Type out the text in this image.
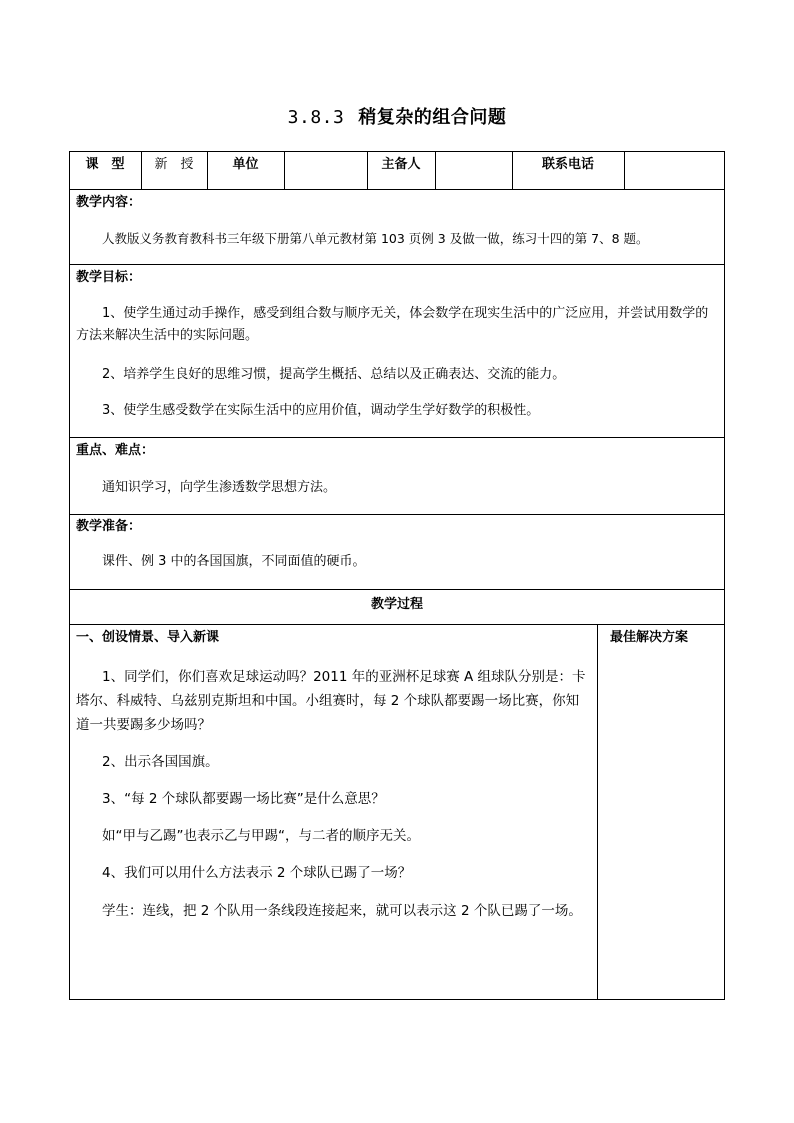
3.8.3 稍复杂的组合问题
课　型	新　授	单位	主备人	联系电话
教学内容：
人教版义务教育教科书三年级下册第八单元教材第 103 页例 3 及做一做，练习十四的第 7、8 题。
教学目标：
1、使学生通过动手操作，感受到组合数与顺序无关，体会数学在现实生活中的广泛应用，并尝试用数学的方法来解决生活中的实际问题。
2、培养学生良好的思维习惯，提高学生概括、总结以及正确表达、交流的能力。
3、使学生感受数学在实际生活中的应用价值，调动学生学好数学的积极性。
重点、难点：
通知识学习，向学生渗透数学思想方法。
教学准备：
课件、例 3 中的各国国旗，不同面值的硬币。
教学过程
一、创设情景、导入新课	最佳解决方案
1、同学们，你们喜欢足球运动吗？2011 年的亚洲杯足球赛 A 组球队分别是：卡塔尔、科威特、乌兹别克斯坦和中国。小组赛时，每 2 个球队都要踢一场比赛，你知道一共要踢多少场吗？
2、出示各国国旗。
3、“每 2 个球队都要踢一场比赛”是什么意思？
如“甲与乙踢”也表示乙与甲踢“，与二者的顺序无关。
4、我们可以用什么方法表示 2 个球队已踢了一场？
学生：连线，把 2 个队用一条线段连接起来，就可以表示这 2 个队已踢了一场。
